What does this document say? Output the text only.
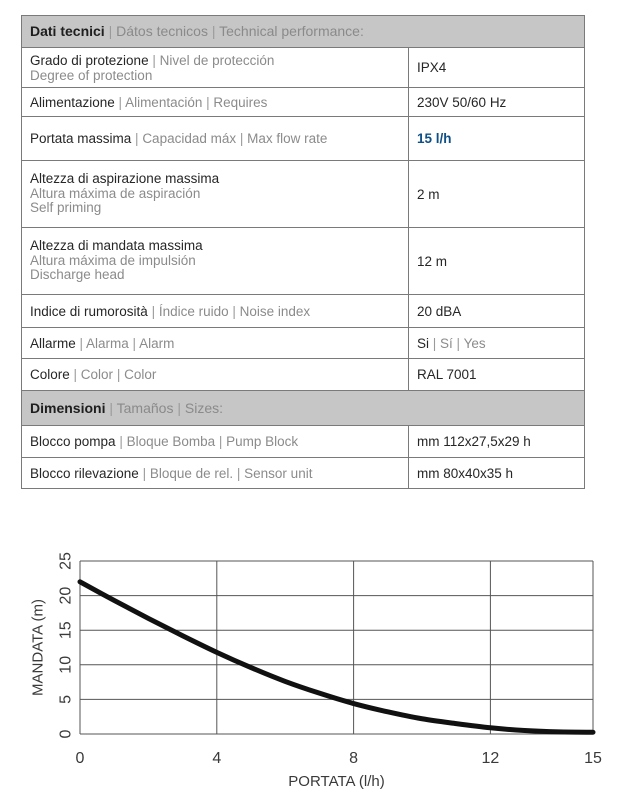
Dati tecnici | Dátos tecnicos | Technical performance:	

Grado di protezione | Nivel de protección
Degree of protection	IPX4
Alimentazione | Alimentación | Requires	230V 50/60 Hz
Portata massima | Capacidad máx | Max flow rate	15 l/h

Altezza di aspirazione massima
Altura máxima de aspiración
Self priming	2 m

Altezza di mandata massima
Altura máxima de impulsión
Discharge head	12 m
Indice di rumorosità | Índice ruido | Noise index	20 dBA
Allarme | Alarma | Alarm	Si | Sí | Yes
Colore | Color | Color	RAL 7001
Dimensioni | Tamaños | Sizes:	
Blocco pompa | Bloque Bomba | Pump Block	mm 112x27,5x29 h
Blocco rilevazione | Bloque de rel. | Sensor unit	mm 80x40x35 h
0	4	8	12	15
0
5
10
15
20
25
PORTATA (l/h)
MANDATA (m)
